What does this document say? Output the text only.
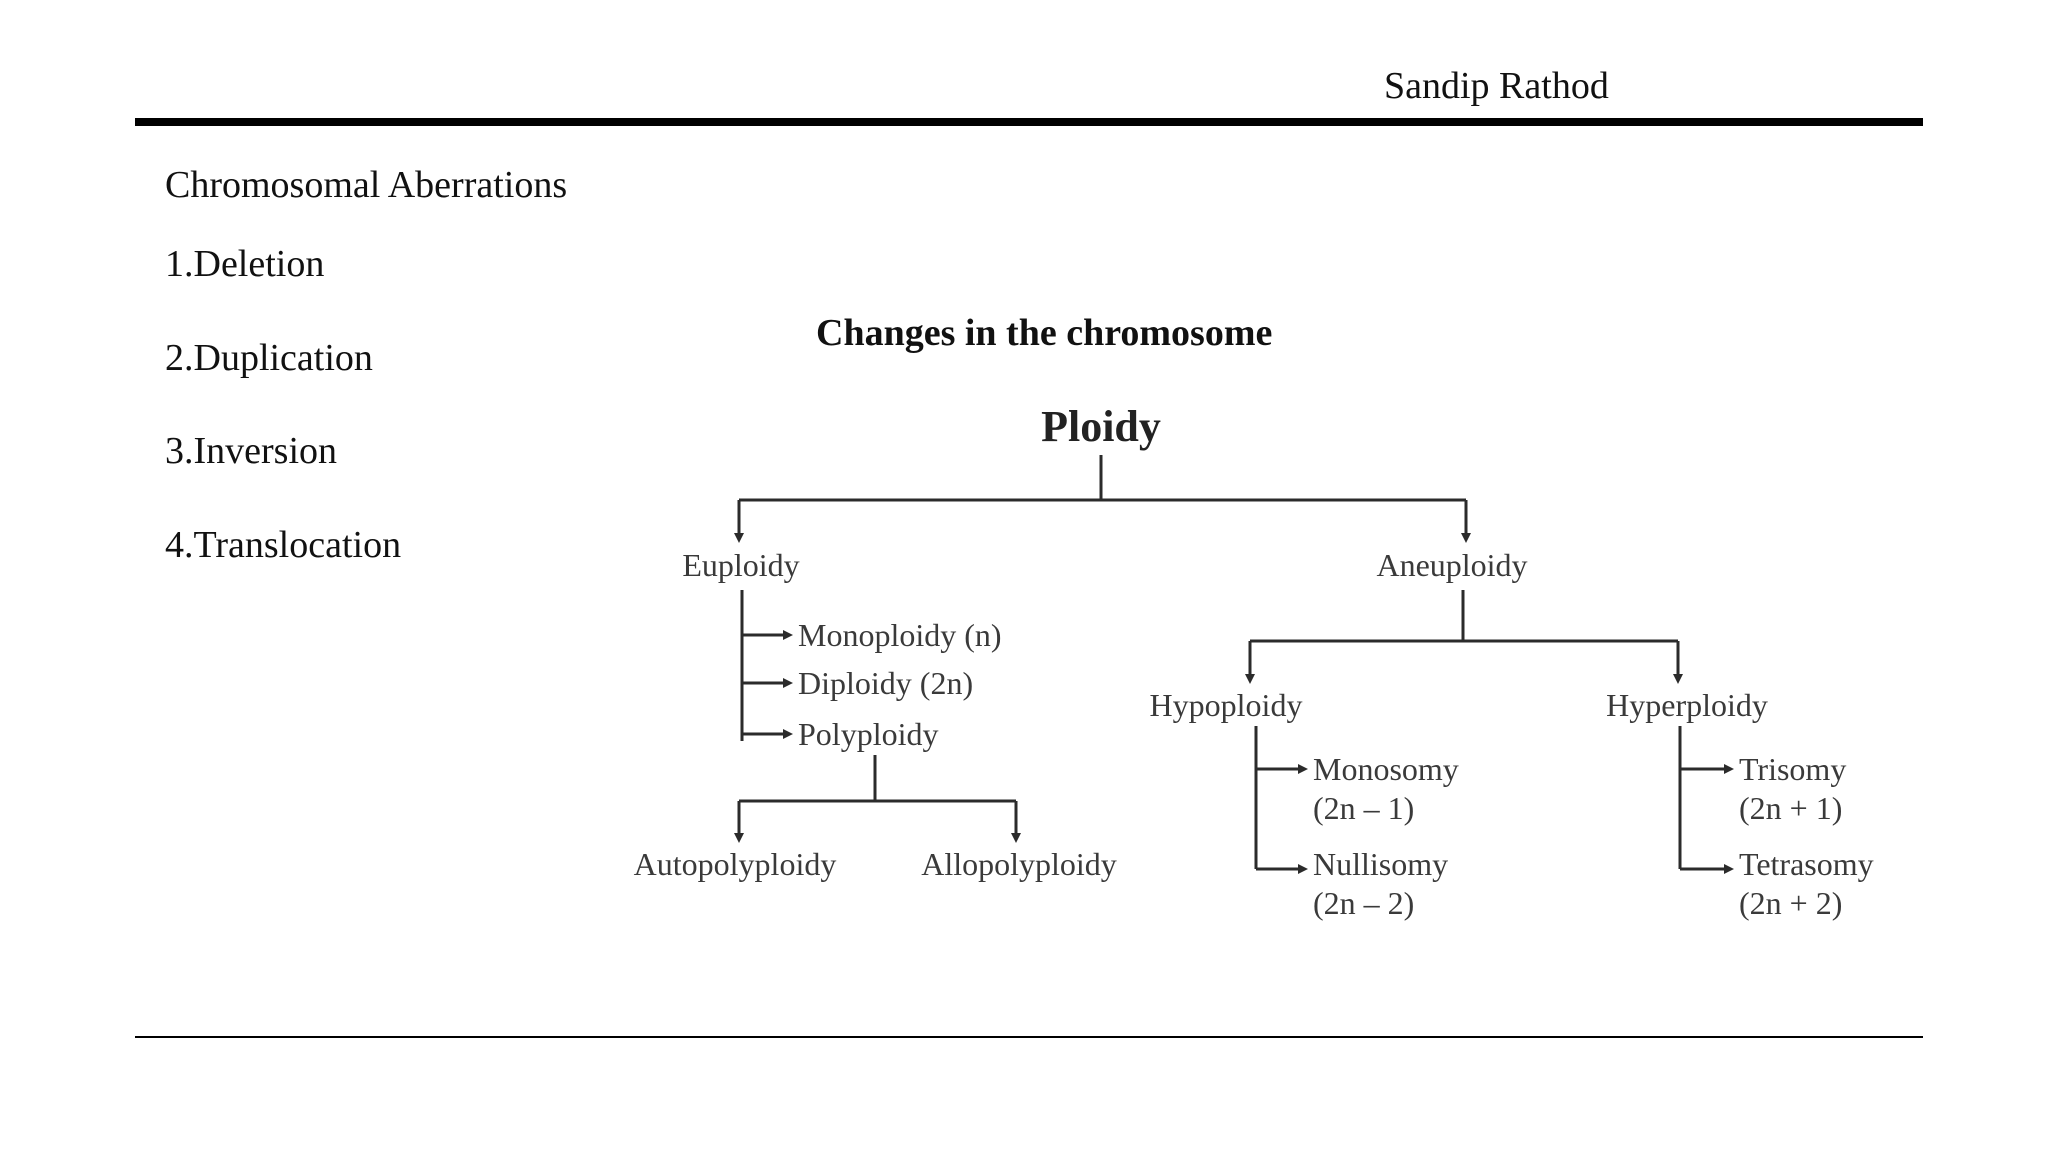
Sandip Rathod
Chromosomal Aberrations
1.Deletion
2.Duplication
3.Inversion
4.Translocation
Changes in the chromosome
Ploidy
Euploidy
Monoploidy (n)
Diploidy (2n)
Polyploidy
Autopolyploidy	Allopolyploidy
Aneuploidy
Hypoploidy	Hyperploidy
Monosomy
(2n – 1)
Nullisomy
(2n – 2)
Trisomy
(2n + 1)
Tetrasomy
(2n + 2)
